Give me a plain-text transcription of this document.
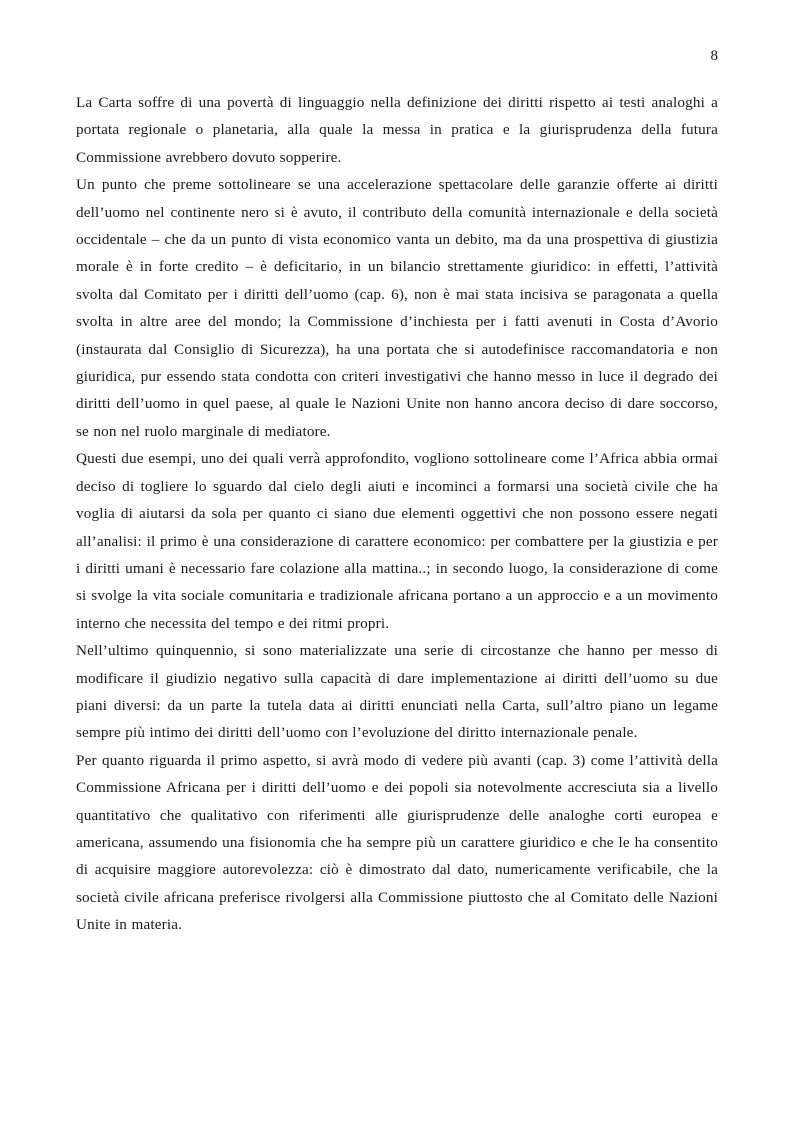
8

La Carta soffre di una povertà di linguaggio nella definizione dei diritti rispetto ai testi analoghi a portata regionale o planetaria, alla quale la messa in pratica e la giurisprudenza della futura Commissione avrebbero dovuto sopperire.

Un punto che preme sottolineare se una accelerazione spettacolare delle garanzie offerte ai diritti dell’uomo nel continente nero si è avuto, il contributo della comunità internazionale e della società occidentale – che da un punto di vista economico vanta un debito, ma da una prospettiva di giustizia morale è in forte credito – è deficitario, in un bilancio strettamente giuridico: in effetti, l’attività svolta dal Comitato per i diritti dell’uomo (cap. 6), non è mai stata incisiva se paragonata a quella svolta in altre aree del mondo; la Commissione d’inchiesta per i fatti avenuti in Costa d’Avorio (instaurata dal Consiglio di Sicurezza), ha una portata che si autodefinisce raccomandatoria e non giuridica, pur essendo stata condotta con criteri investigativi che hanno messo in luce il degrado dei diritti dell’uomo in quel paese, al quale le Nazioni Unite non hanno ancora deciso di dare soccorso, se non nel ruolo marginale di mediatore.

Questi due esempi, uno dei quali verrà approfondito, vogliono sottolineare come l’Africa abbia ormai deciso di togliere lo sguardo dal cielo degli aiuti e incominci a formarsi una società civile che ha voglia di aiutarsi da sola per quanto ci siano due elementi oggettivi che non possono essere negati all’analisi: il primo è una considerazione di carattere economico: per combattere per la giustizia e per i diritti umani è necessario fare colazione alla mattina..; in secondo luogo, la considerazione di come si svolge la vita sociale comunitaria e tradizionale africana portano a un approccio e a un movimento interno che necessita del tempo e dei ritmi propri.

Nell’ultimo quinquennio, si sono materializzate una serie di circostanze che hanno per messo di modificare il giudizio negativo sulla capacità di dare implementazione ai diritti dell’uomo su due piani diversi: da un parte la tutela data ai diritti enunciati nella Carta, sull’altro piano un legame sempre più intimo dei diritti dell’uomo con l’evoluzione del diritto internazionale penale.

Per quanto riguarda il primo aspetto, si avrà modo di vedere più avanti (cap. 3) come l’attività della Commissione Africana per i diritti dell’uomo e dei popoli sia notevolmente accresciuta sia a livello quantitativo che qualitativo con riferimenti alle giurisprudenze delle analoghe corti europea e americana, assumendo una fisionomia che ha sempre più un carattere giuridico e che le ha consentito di acquisire maggiore autorevolezza: ciò è dimostrato dal dato, numericamente verificabile, che la società civile africana preferisce rivolgersi alla Commissione piuttosto che al Comitato delle Nazioni Unite in materia.
